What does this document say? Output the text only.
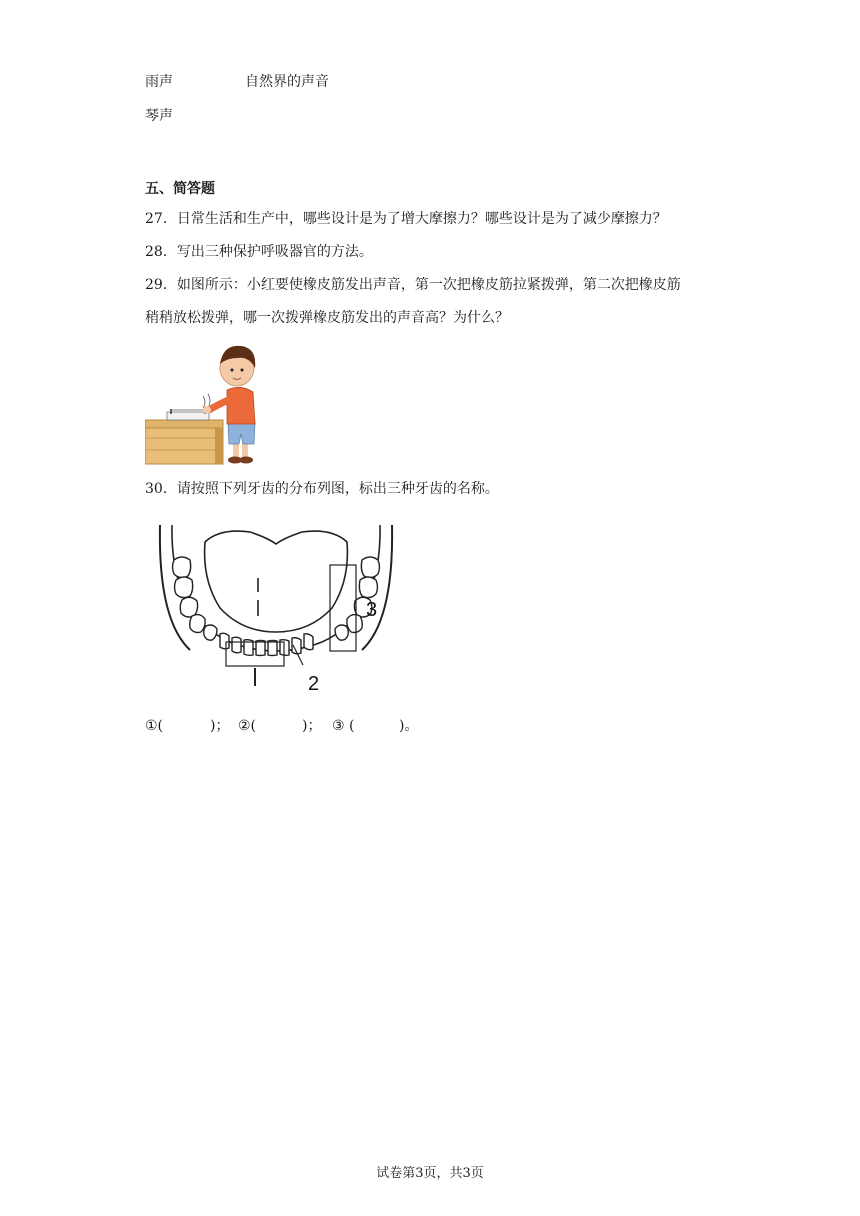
雨声	自然界的声音
琴声
五、简答题
27．日常生活和生产中，哪些设计是为了增大摩擦力？哪些设计是为了减少摩擦力？
28．写出三种保护呼吸器官的方法。
29．如图所示：小红要使橡皮筋发出声音，第一次把橡皮筋拉紧拨弹，第二次把橡皮筋
稍稍放松拨弹，哪一次拨弹橡皮筋发出的声音高？为什么？
30．请按照下列牙齿的分布列图，标出三种牙齿的名称。
2
3
①(	)； ②(	)； ③ (	)。
试卷第3页，共3页
